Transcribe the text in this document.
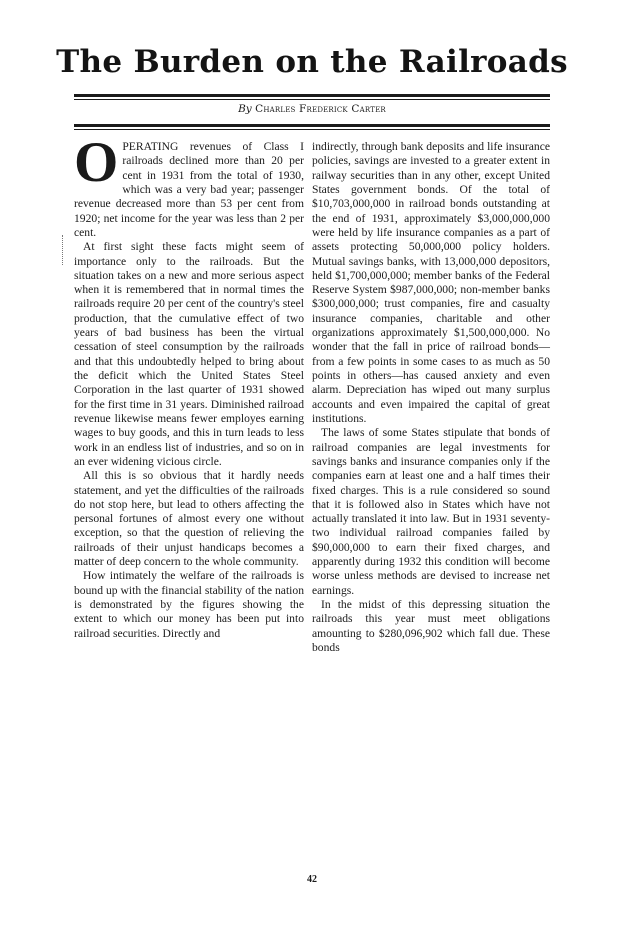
The Burden on the Railroads
By Charles Frederick Carter

OPERATING revenues of Class I railroads declined more than 20 per cent in 1931 from the total of 1930, which was a very bad year; passenger revenue decreased more than 53 per cent from 1920; net income for the year was less than 2 per cent.

At first sight these facts might seem of importance only to the railroads. But the situation takes on a new and more serious aspect when it is remembered that in normal times the railroads require 20 per cent of the country's steel production, that the cumulative effect of two years of bad business has been the virtual cessation of steel consumption by the railroads and that this undoubtedly helped to bring about the deficit which the United States Steel Corporation in the last quarter of 1931 showed for the first time in 31 years. Diminished railroad revenue likewise means fewer employes earning wages to buy goods, and this in turn leads to less work in an endless list of industries, and so on in an ever widening vicious circle.

All this is so obvious that it hardly needs statement, and yet the difficulties of the railroads do not stop here, but lead to others affecting the personal fortunes of almost every one without exception, so that the question of relieving the railroads of their unjust handicaps becomes a matter of deep concern to the whole community.

How intimately the welfare of the railroads is bound up with the financial stability of the nation is demonstrated by the figures showing the extent to which our money has been put into railroad securities. Directly and

indirectly, through bank deposits and life insurance policies, savings are invested to a greater extent in railway securities than in any other, except United States government bonds. Of the total of $10,703,000,000 in railroad bonds outstanding at the end of 1931, approximately $3,000,000,000 were held by life insurance companies as a part of assets protecting 50,000,000 policy holders. Mutual savings banks, with 13,000,000 depositors, held $1,700,000,000; member banks of the Federal Reserve System $987,000,000; non-member banks $300,000,000; trust companies, fire and casualty insurance companies, charitable and other organizations approximately $1,500,000,000. No wonder that the fall in price of railroad bonds—from a few points in some cases to as much as 50 points in others—has caused anxiety and even alarm. Depreciation has wiped out many surplus accounts and even impaired the capital of great institutions.

The laws of some States stipulate that bonds of railroad companies are legal investments for savings banks and insurance companies only if the companies earn at least one and a half times their fixed charges. This is a rule considered so sound that it is followed also in States which have not actually translated it into law. But in 1931 seventy-two individual railroad companies failed by $90,000,000 to earn their fixed charges, and apparently during 1932 this condition will become worse unless methods are devised to increase net earnings.

In the midst of this depressing situation the railroads this year must meet obligations amounting to $280,096,902 which fall due. These bonds

42
